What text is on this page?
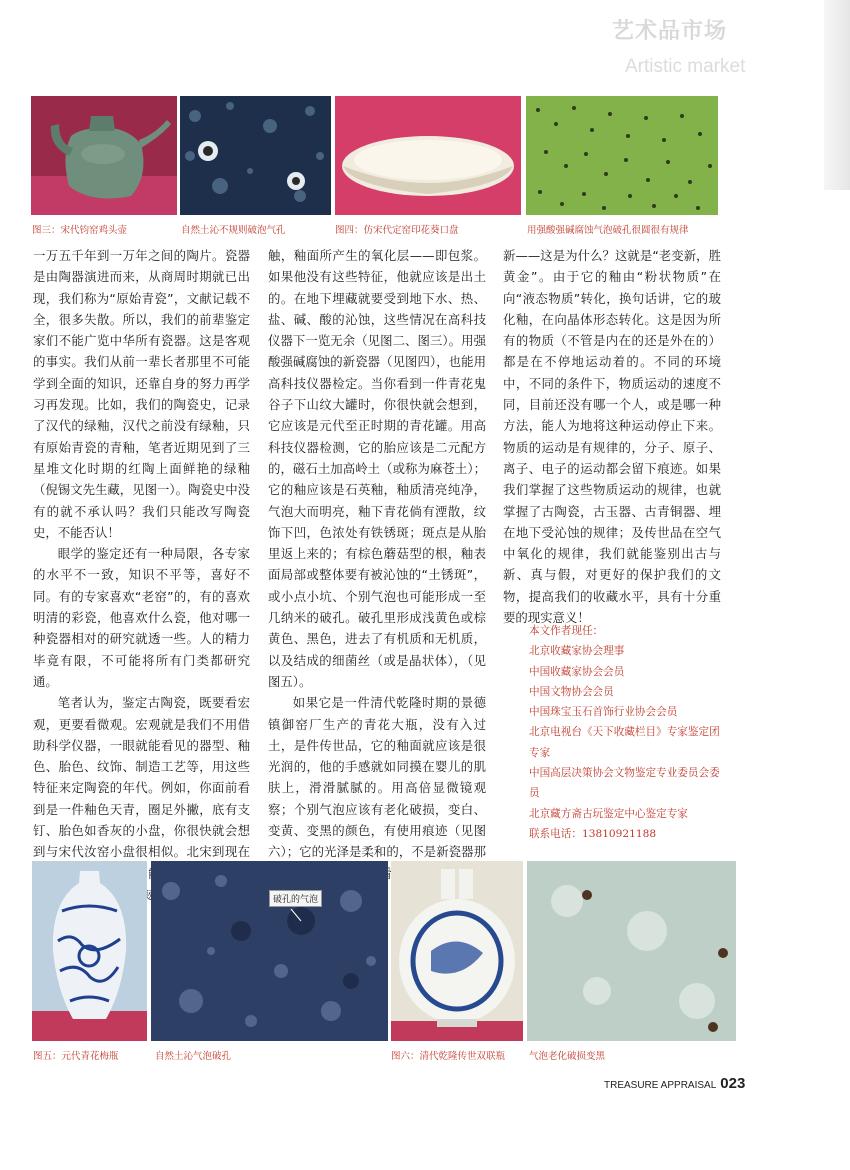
艺术品市场
Artistic market
图三：宋代钧窑鸡头壶	自然土沁不规则破泡气孔	图四：仿宋代定窑印花葵口盘	用强酸强碱腐蚀气泡破孔很圆很有规律

一万五千年到一万年之间的陶片。瓷器是由陶器演进而来，从商周时期就已出现，我们称为“原始青瓷”，文献记载不全，很多失散。所以，我们的前辈鉴定家们不能广览中华所有瓷器。这是客观的事实。我们从前一辈长者那里不可能学到全面的知识，还靠自身的努力再学习再发现。比如，我们的陶瓷史，记录了汉代的绿釉，汉代之前没有绿釉，只有原始青瓷的青釉，笔者近期见到了三星堆文化时期的红陶上面鲜艳的绿釉（倪锡文先生藏，见图一）。陶瓷史中没有的就不承认吗？我们只能改写陶瓷史，不能否认！

眼学的鉴定还有一种局限，各专家的水平不一致，知识不平等，喜好不同。有的专家喜欢“老窑”的，有的喜欢明清的彩瓷，他喜欢什么瓷，他对哪一种瓷器相对的研究就透一些。人的精力毕竟有限，不可能将所有门类都研究通。

笔者认为，鉴定古陶瓷，既要看宏观，更要看微观。宏观就是我们不用借助科学仪器，一眼就能看见的器型、釉色、胎色、纹饰、制造工艺等，用这些特征来定陶瓷的年代。例如，你面前看到是一件釉色天青，圈足外撇，底有支钉、胎色如香灰的小盘，你很快就会想到与宋代汝窑小盘很相似。北宋到现在 要有使用痕迹和与空气接

触，釉面所产生的氧化层——即包浆。如果他没有这些特征，他就应该是出土的。在地下埋藏就要受到地下水、热、盐、碱、酸的沁蚀，这些情况在高科技仪器下一览无余（见图二、图三）。用强酸强碱腐蚀的新瓷器（见图四），也能用高科技仪器检定。当你看到一件青花鬼谷子下山纹大罐时，你很快就会想到，它应该是元代至正时期的青花罐。用高科技仪器检测，它的胎应该是二元配方的，磁石土加高岭土（或称为麻苍土）；它的釉应该是石英釉，釉质清亮纯净，气泡大而明亮，釉下青花倘有湮散，纹饰下凹，色浓处有铁锈斑；斑点是从胎里返上来的；有棕色蘑菇型的根，釉表面局部或整体要有被沁蚀的“土锈斑”，或小点小坑、个别气泡也可能形成一至几纳米的破孔。破孔里形成浅黄色或棕黄色、黑色，进去了有机质和无机质，以及结成的细菌丝（或是晶状体），（见图五）。

如果它是一件清代乾隆时期的景德镇御窑厂生产的青花大瓶，没有入过土，是件传世品，它的釉面就应该是很光润的，他的手感就如同摸在婴儿的肌肤上，滑滑腻腻的。用高倍显微镜观察；个别气泡应该有老化破损，变白、变黄、变黑的颜色，有使用痕迹（见图六）；它的光泽是柔和的，不是新瓷器那

新——这是为什么？这就是“老变新，胜黄金”。由于它的釉由“粉状物质”在向“液态物质”转化，换句话讲，它的玻化釉，在向晶体形态转化。这是因为所有的物质（不管是内在的还是外在的）都是在不停地运动着的。不同的环境中，不同的条件下，物质运动的速度不同，目前还没有哪一个人，或是哪一种方法，能人为地将这种运动停止下来。物质的运动是有规律的，分子、原子、离子、电子的运动都会留下痕迹。如果我们掌握了这些物质运动的规律，也就掌握了古陶瓷，古玉器、古青铜器、埋在地下受沁蚀的规律；及传世品在空气中氧化的规律，我们就能鉴别出古与新、真与假，对更好的保护我们的文物，提高我们的收藏水平，具有十分重要的现实意义！

本文作者现任：
北京收藏家协会理事
中国收藏家协会会员
中国文物协会会员
中国珠宝玉石首饰行业协会会员
北京电视台《天下收藏栏目》专家鉴定团专家
中国高层决策协会文物鉴定专业委员会委员
北京藏方斋古玩鉴定中心鉴定专家
联系电话：13810921188
破孔的气泡
图五：元代青花梅瓶	自然土沁气泡破孔	图六：清代乾隆传世双联瓶	气泡老化破损变黑
TREASURE APPRAISAL 023
